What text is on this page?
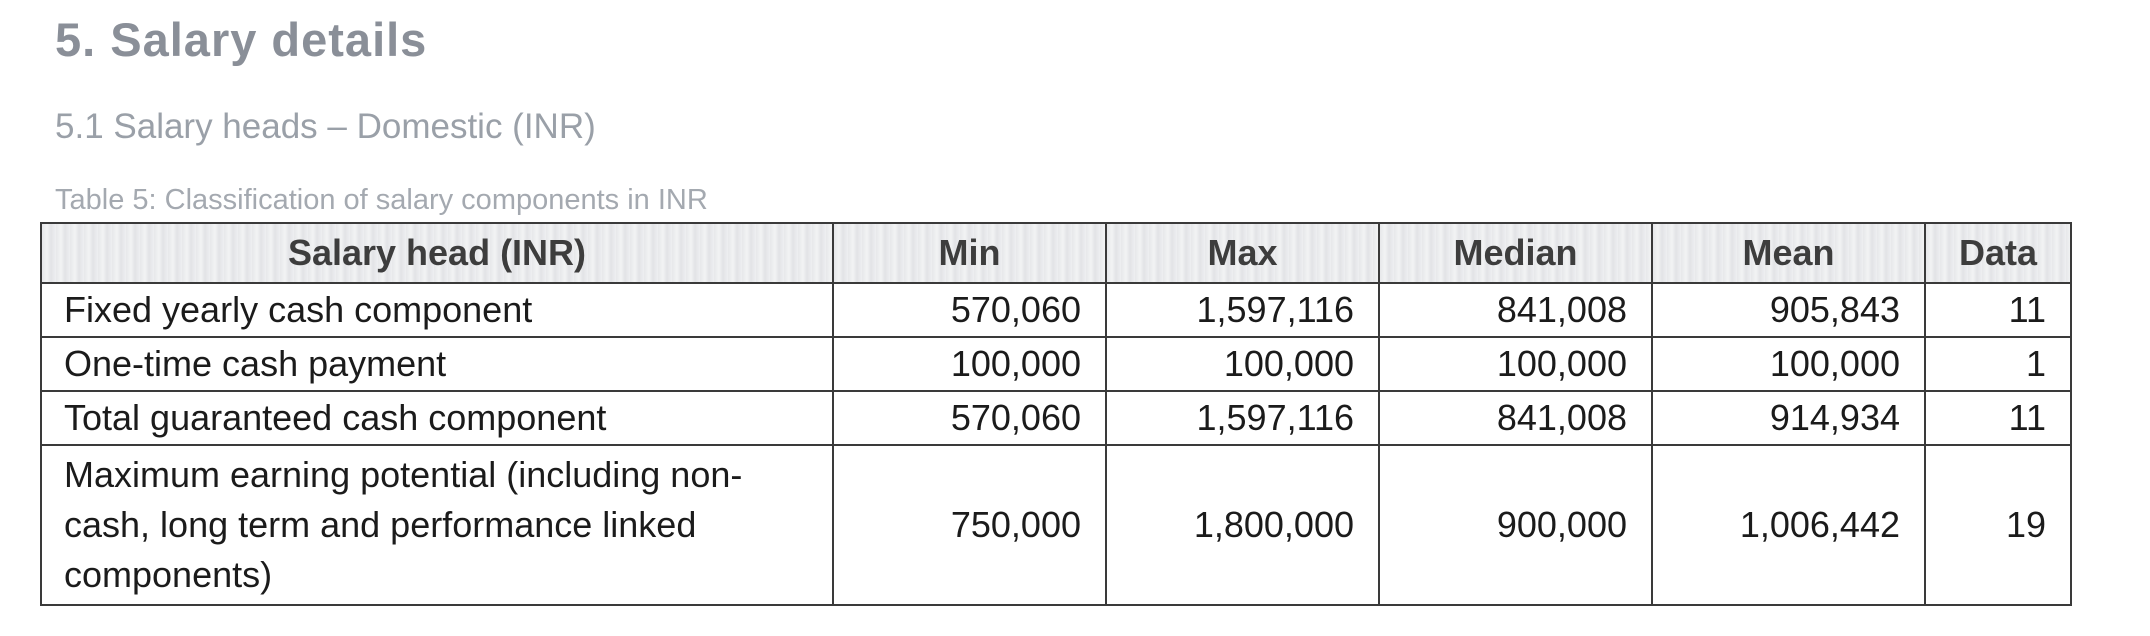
5. Salary details
5.1 Salary heads – Domestic (INR)
Table 5: Classification of salary components in INR
Salary head (INR)	Min	Max	Median	Mean	Data
Fixed yearly cash component	570,060	1,597,116	841,008	905,843	11
One-time cash payment	100,000	100,000	100,000	100,000	1
Total guaranteed cash component	570,060	1,597,116	841,008	914,934	11
Maximum earning potential (including non-cash, long term and performance linked components)	750,000	1,800,000	900,000	1,006,442	19
